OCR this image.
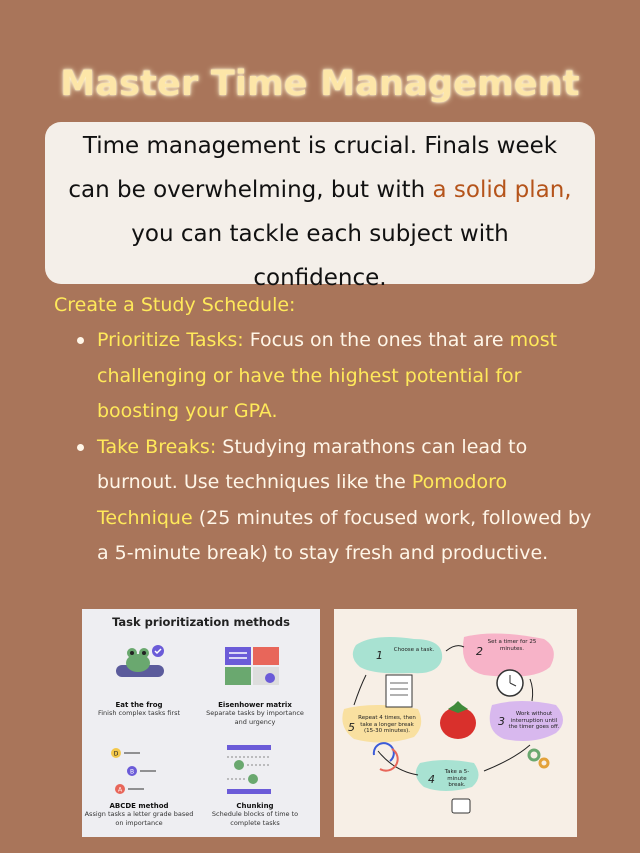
Master Time Management
Time management is crucial. Finals week can be overwhelming, but with a solid plan, you can tackle each subject with confidence.
Create a Study Schedule:
Prioritize Tasks: Focus on the ones that are most challenging or have the highest potential for boosting your GPA.
Take Breaks: Studying marathons can lead to burnout. Use techniques like the Pomodoro Technique (25 minutes of focused work, followed by a 5-minute break) to stay fresh and productive.
Task prioritization methods
Eat the frog
Finish complex tasks first
Eisenhower matrix
Separate tasks by importance and urgency
D
B
A
ABCDE method
Assign tasks a letter grade based on importance
Chunking
Schedule blocks of time to complete tasks
1	Choose a task.	2
Set a timer for 25 minutes.
3
Work without interruption until the timer goes off.
4
Take a 5-minute break.
5
Repeat 4 times, then take a longer break (15-30 minutes).
